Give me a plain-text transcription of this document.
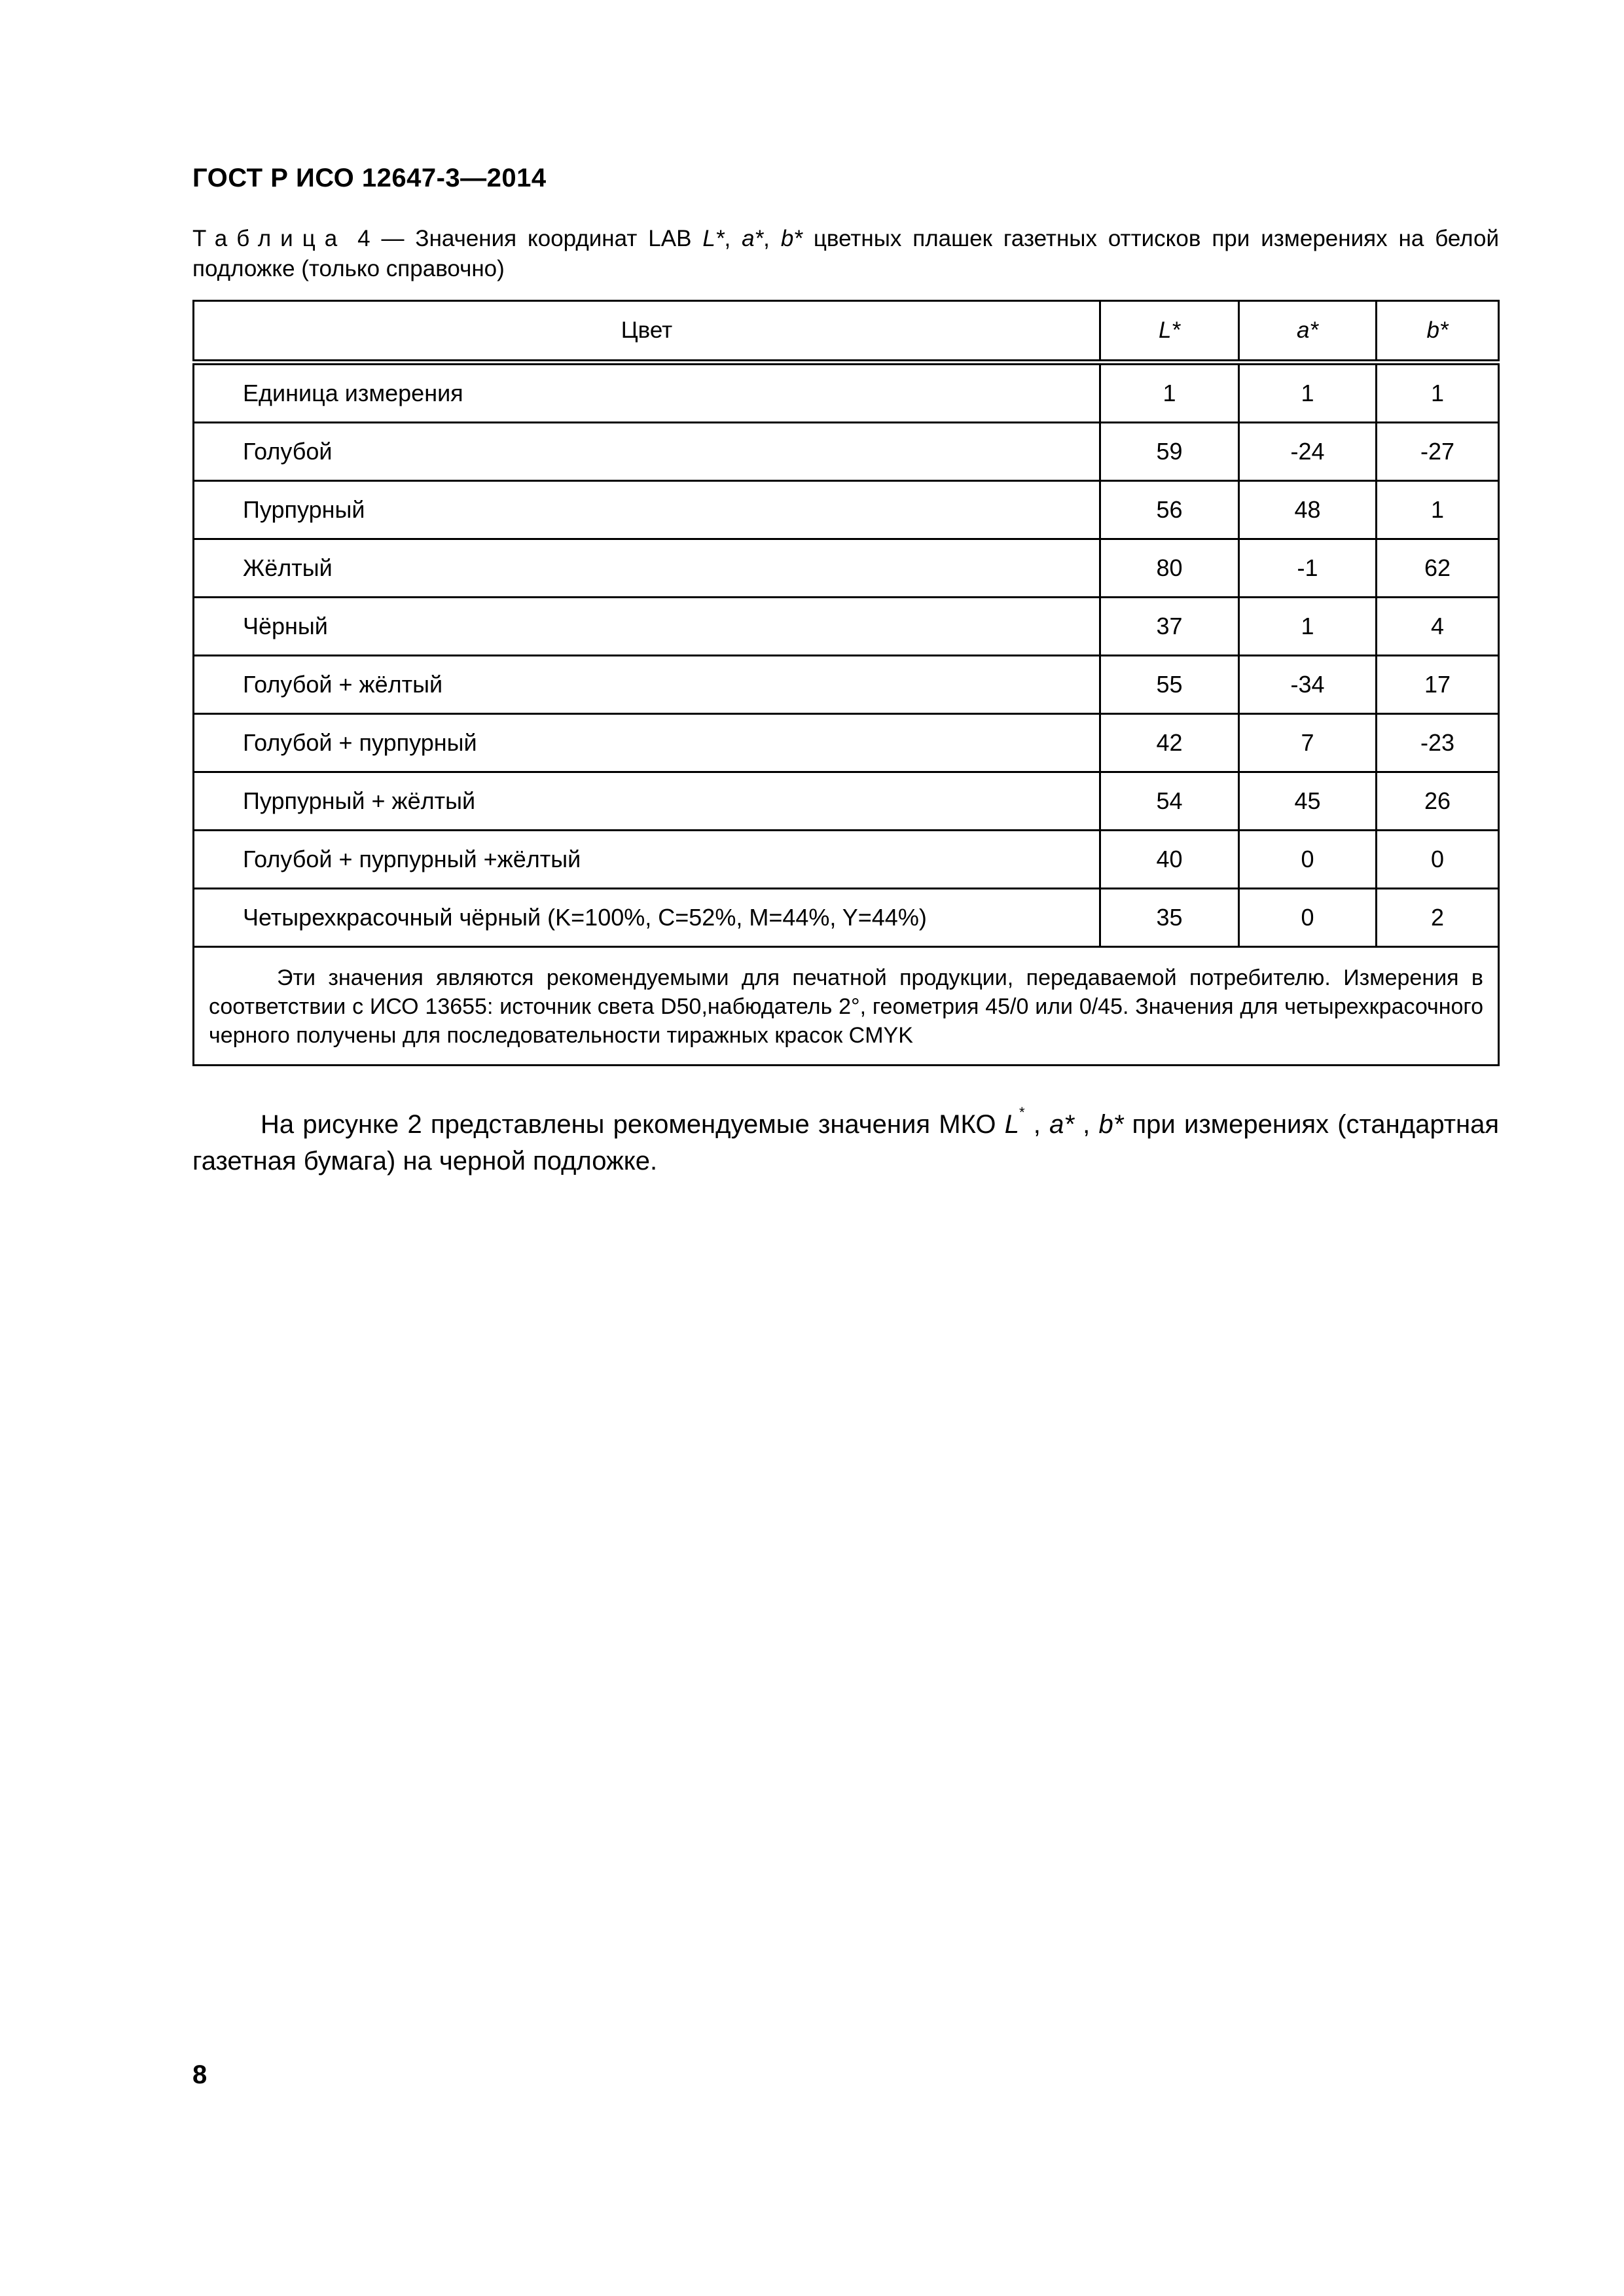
ГОСТ Р ИСО 12647-3—2014
Таблица 4 — Значения координат LAB L*, a*, b* цветных плашек газетных оттисков при измерениях на белой подложке (только справочно)
Цвет	L*	a*	b*
Единица измерения	1	1	1
Голубой	59	-24	-27
Пурпурный	56	48	1
Жёлтый	80	-1	62
Чёрный	37	1	4
Голубой + жёлтый	55	-34	17
Голубой + пурпурный	42	7	-23
Пурпурный + жёлтый	54	45	26
Голубой + пурпурный +жёлтый	40	0	0
Четырехкрасочный чёрный (K=100%, C=52%, M=44%, Y=44%)	35	0	2
Эти значения являются рекомендуемыми для печатной продукции, передаваемой потребителю. Измерения в соответствии с ИСО 13655: источник света D50,набюдатель 2°, геометрия 45/0 или 0/45. Значения для четырехкрасочного черного получены для последовательности тиражных красок CMYK			
На рисунке 2 представлены рекомендуемые значения МКО L* , a* , b* при измерениях (стандартная газетная бумага) на черной подложке.
8
